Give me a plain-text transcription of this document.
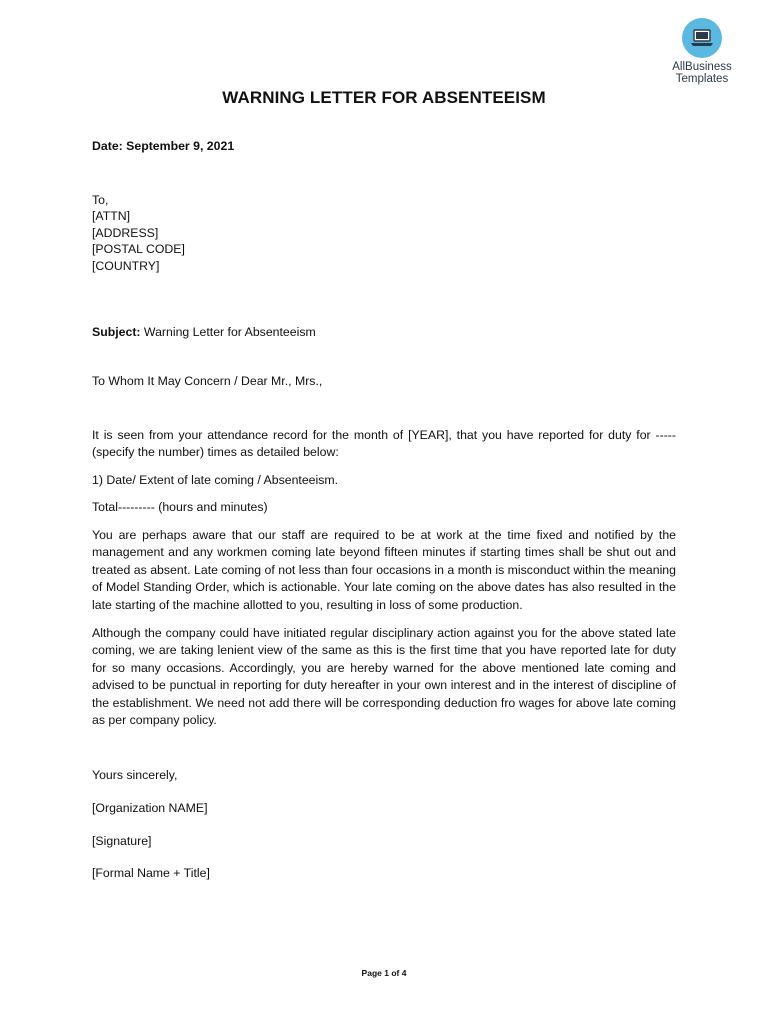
AllBusiness
Templates
WARNING LETTER FOR ABSENTEEISM
Date: September 9, 2021
To,
[ATTN]
[ADDRESS]
[POSTAL CODE]
[COUNTRY]
Subject: Warning Letter for Absenteeism
To Whom It May Concern / Dear Mr., Mrs.,
It is seen from your attendance record for the month of [YEAR], that you have reported for duty for -----(specify the number) times as detailed below:
1) Date/ Extent of late coming / Absenteeism.
Total--------- (hours and minutes)
You are perhaps aware that our staff are required to be at work at the time fixed and notified by the management and any workmen coming late beyond fifteen minutes if starting times shall be shut out and treated as absent. Late coming of not less than four occasions in a month is misconduct within the meaning of Model Standing Order, which is actionable. Your late coming on the above dates has also resulted in the late starting of the machine allotted to you, resulting in loss of some production.
Although the company could have initiated regular disciplinary action against you for the above stated late coming, we are taking lenient view of the same as this is the first time that you have reported late for duty for so many occasions. Accordingly, you are hereby warned for the above mentioned late coming and advised to be punctual in reporting for duty hereafter in your own interest and in the interest of discipline of the establishment. We need not add there will be corresponding deduction fro wages for above late coming as per company policy.
Yours sincerely,
[Organization NAME]
[Signature]
[Formal Name + Title]
Page 1 of 4
